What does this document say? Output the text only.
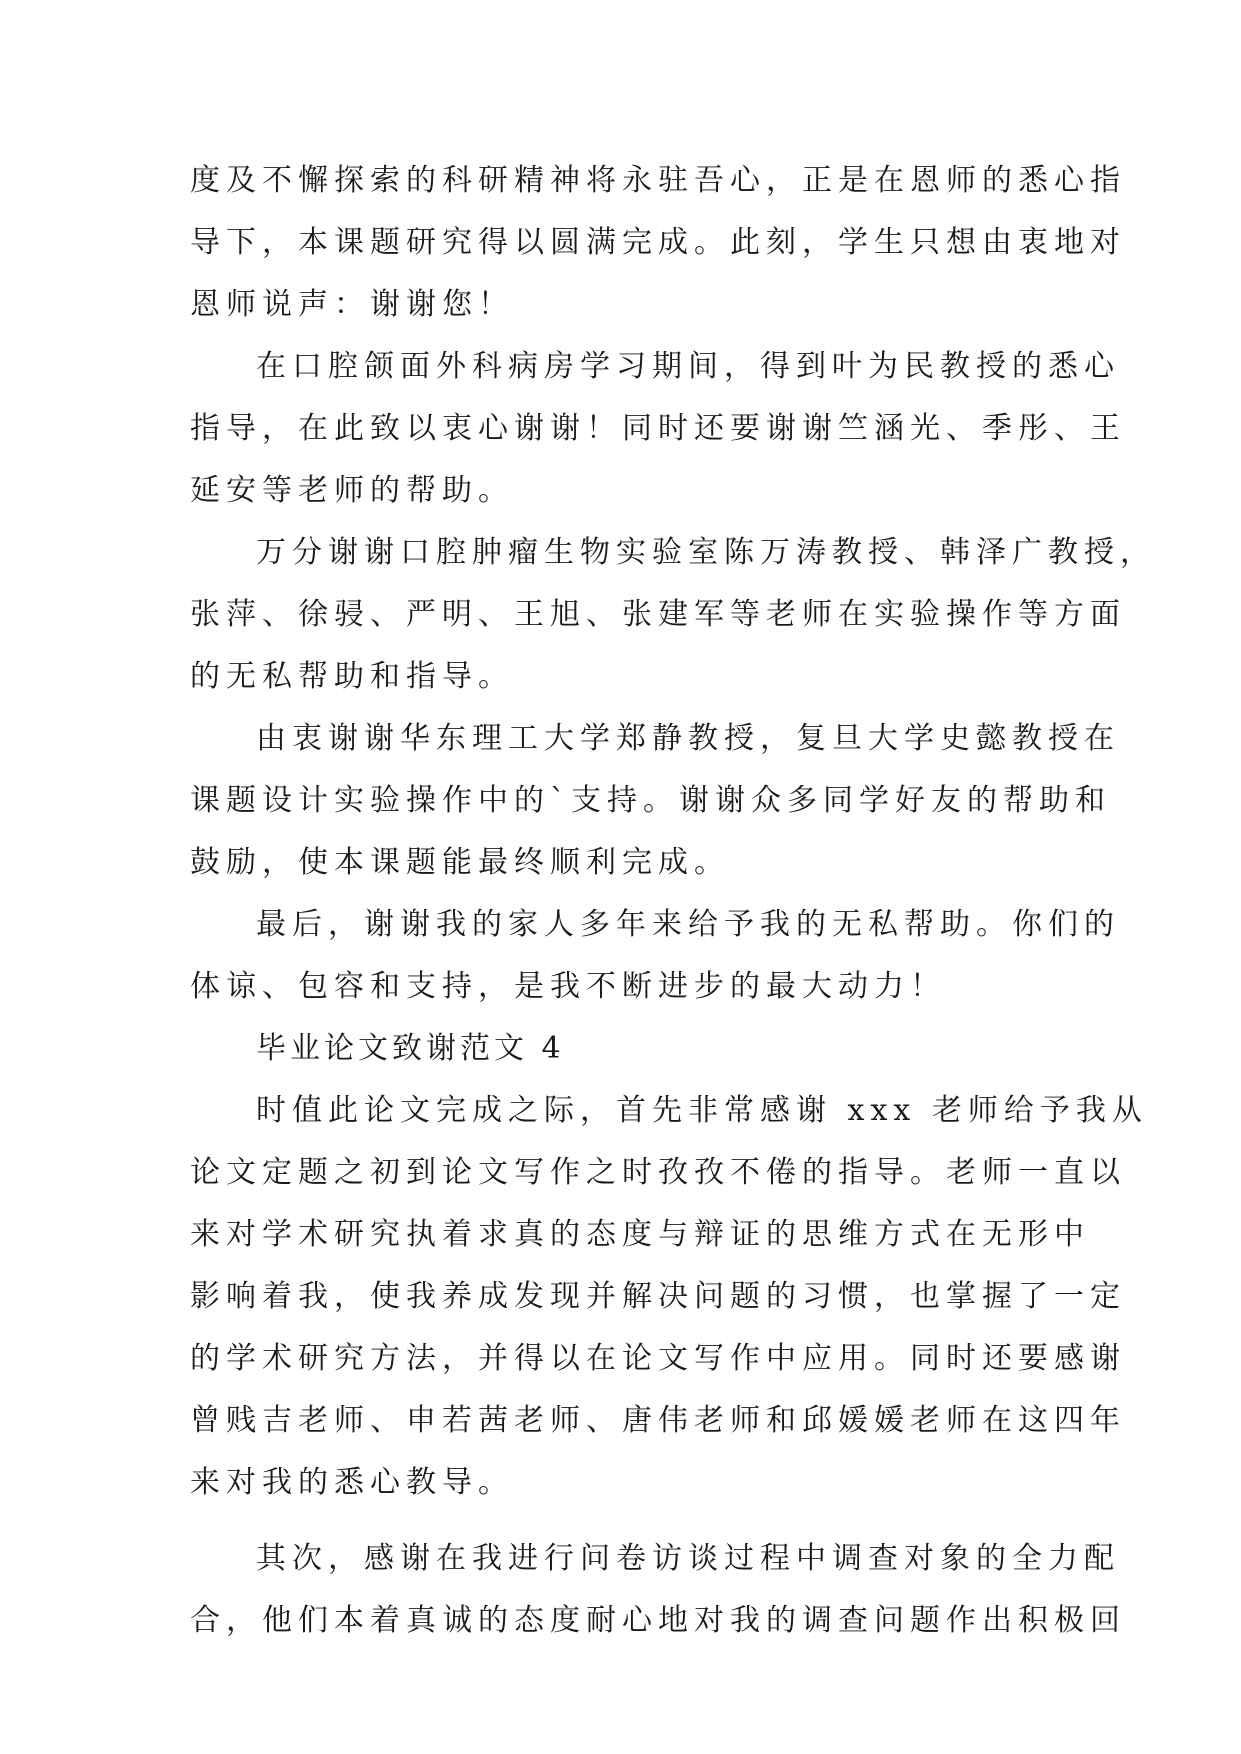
度及不懈探索的科研精神将永驻吾心，正是在恩师的悉心指
导下，本课题研究得以圆满完成。此刻，学生只想由衷地对
恩师说声：谢谢您！
在口腔颌面外科病房学习期间，得到叶为民教授的悉心
指导，在此致以衷心谢谢！同时还要谢谢竺涵光、季彤、王
延安等老师的帮助。
万分谢谢口腔肿瘤生物实验室陈万涛教授、韩泽广教授，
张萍、徐骎、严明、王旭、张建军等老师在实验操作等方面
的无私帮助和指导。
由衷谢谢华东理工大学郑静教授，复旦大学史懿教授在
课题设计实验操作中的`支持。谢谢众多同学好友的帮助和
鼓励，使本课题能最终顺利完成。
最后，谢谢我的家人多年来给予我的无私帮助。你们的
体谅、包容和支持，是我不断进步的最大动力！
毕业论文致谢范文 4
时值此论文完成之际，首先非常感谢 xxx 老师给予我从
论文定题之初到论文写作之时孜孜不倦的指导。老师一直以
来对学术研究执着求真的态度与辩证的思维方式在无形中
影响着我，使我养成发现并解决问题的习惯，也掌握了一定
的学术研究方法，并得以在论文写作中应用。同时还要感谢
曾贱吉老师、申若茜老师、唐伟老师和邱媛媛老师在这四年
来对我的悉心教导。
其次，感谢在我进行问卷访谈过程中调查对象的全力配
合，他们本着真诚的态度耐心地对我的调查问题作出积极回
